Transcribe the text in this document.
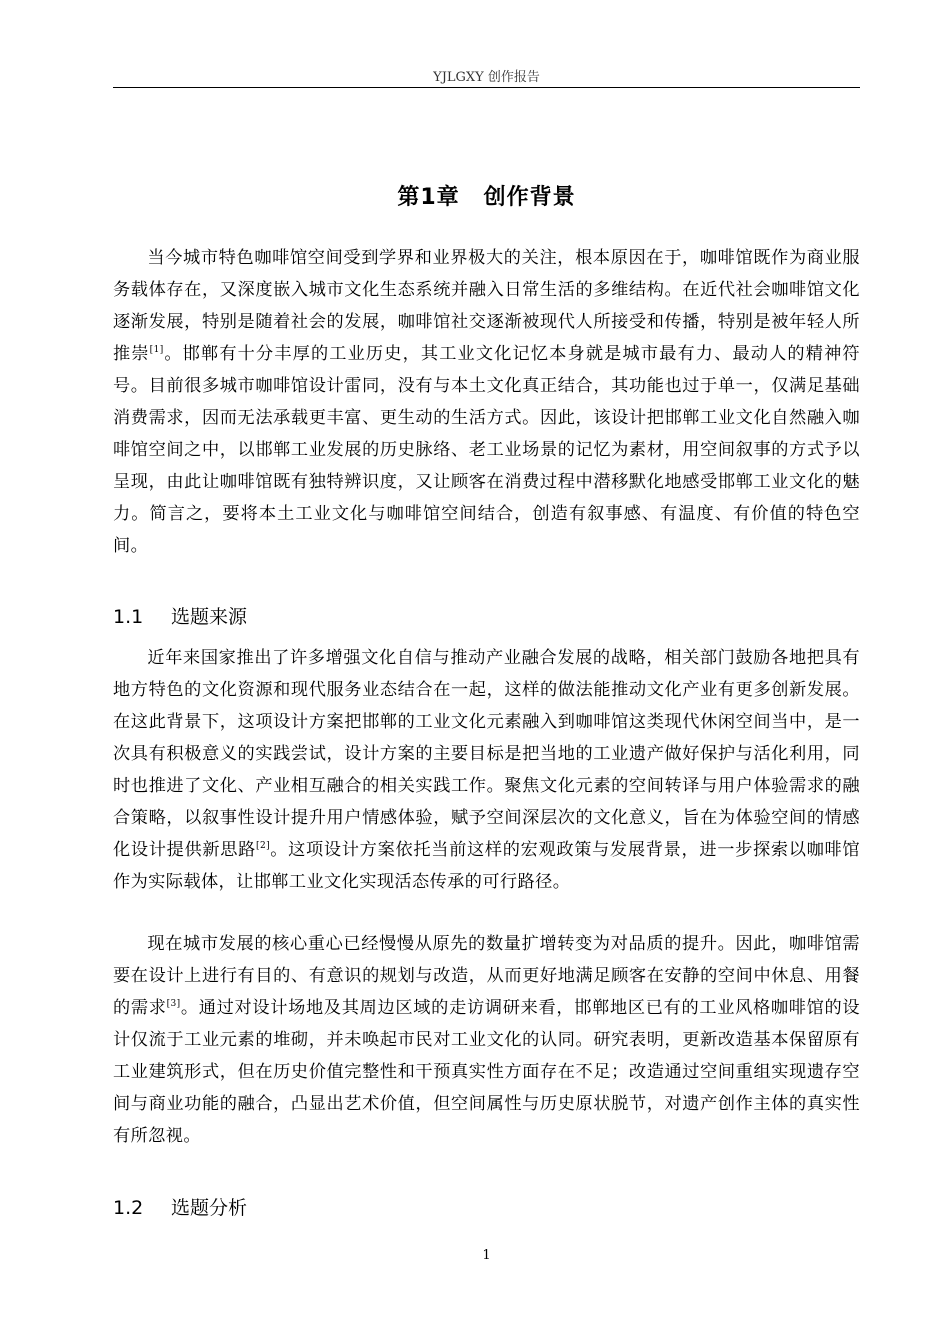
YJLGXY 创作报告
第1章 创作背景

当今城市特色咖啡馆空间受到学界和业界极大的关注，根本原因在于，咖啡馆既作为商业服务载体存在，又深度嵌入城市文化生态系统并融入日常生活的多维结构。在近代社会咖啡馆文化逐渐发展，特别是随着社会的发展，咖啡馆社交逐渐被现代人所接受和传播，特别是被年轻人所推崇[1]。邯郸有十分丰厚的工业历史，其工业文化记忆本身就是城市最有力、最动人的精神符号。目前很多城市咖啡馆设计雷同，没有与本土文化真正结合，其功能也过于单一，仅满足基础消费需求，因而无法承载更丰富、更生动的生活方式。因此，该设计把邯郸工业文化自然融入咖啡馆空间之中，以邯郸工业发展的历史脉络、老工业场景的记忆为素材，用空间叙事的方式予以呈现，由此让咖啡馆既有独特辨识度，又让顾客在消费过程中潜移默化地感受邯郸工业文化的魅力。简言之，要将本土工业文化与咖啡馆空间结合，创造有叙事感、有温度、有价值的特色空间。

1.1 选题来源

近年来国家推出了许多增强文化自信与推动产业融合发展的战略，相关部门鼓励各地把具有地方特色的文化资源和现代服务业态结合在一起，这样的做法能推动文化产业有更多创新发展。在这此背景下，这项设计方案把邯郸的工业文化元素融入到咖啡馆这类现代休闲空间当中，是一次具有积极意义的实践尝试，设计方案的主要目标是把当地的工业遗产做好保护与活化利用，同时也推进了文化、产业相互融合的相关实践工作。聚焦文化元素的空间转译与用户体验需求的融合策略，以叙事性设计提升用户情感体验，赋予空间深层次的文化意义，旨在为体验空间的情感化设计提供新思路[2]。这项设计方案依托当前这样的宏观政策与发展背景，进一步探索以咖啡馆作为实际载体，让邯郸工业文化实现活态传承的可行路径。

现在城市发展的核心重心已经慢慢从原先的数量扩增转变为对品质的提升。因此，咖啡馆需要在设计上进行有目的、有意识的规划与改造，从而更好地满足顾客在安静的空间中休息、用餐的需求[3]。通过对设计场地及其周边区域的走访调研来看，邯郸地区已有的工业风格咖啡馆的设计仅流于工业元素的堆砌，并未唤起市民对工业文化的认同。研究表明，更新改造基本保留原有工业建筑形式，但在历史价值完整性和干预真实性方面存在不足；改造通过空间重组实现遗存空间与商业功能的融合，凸显出艺术价值，但空间属性与历史原状脱节，对遗产创作主体的真实性有所忽视。

1.2 选题分析
1
